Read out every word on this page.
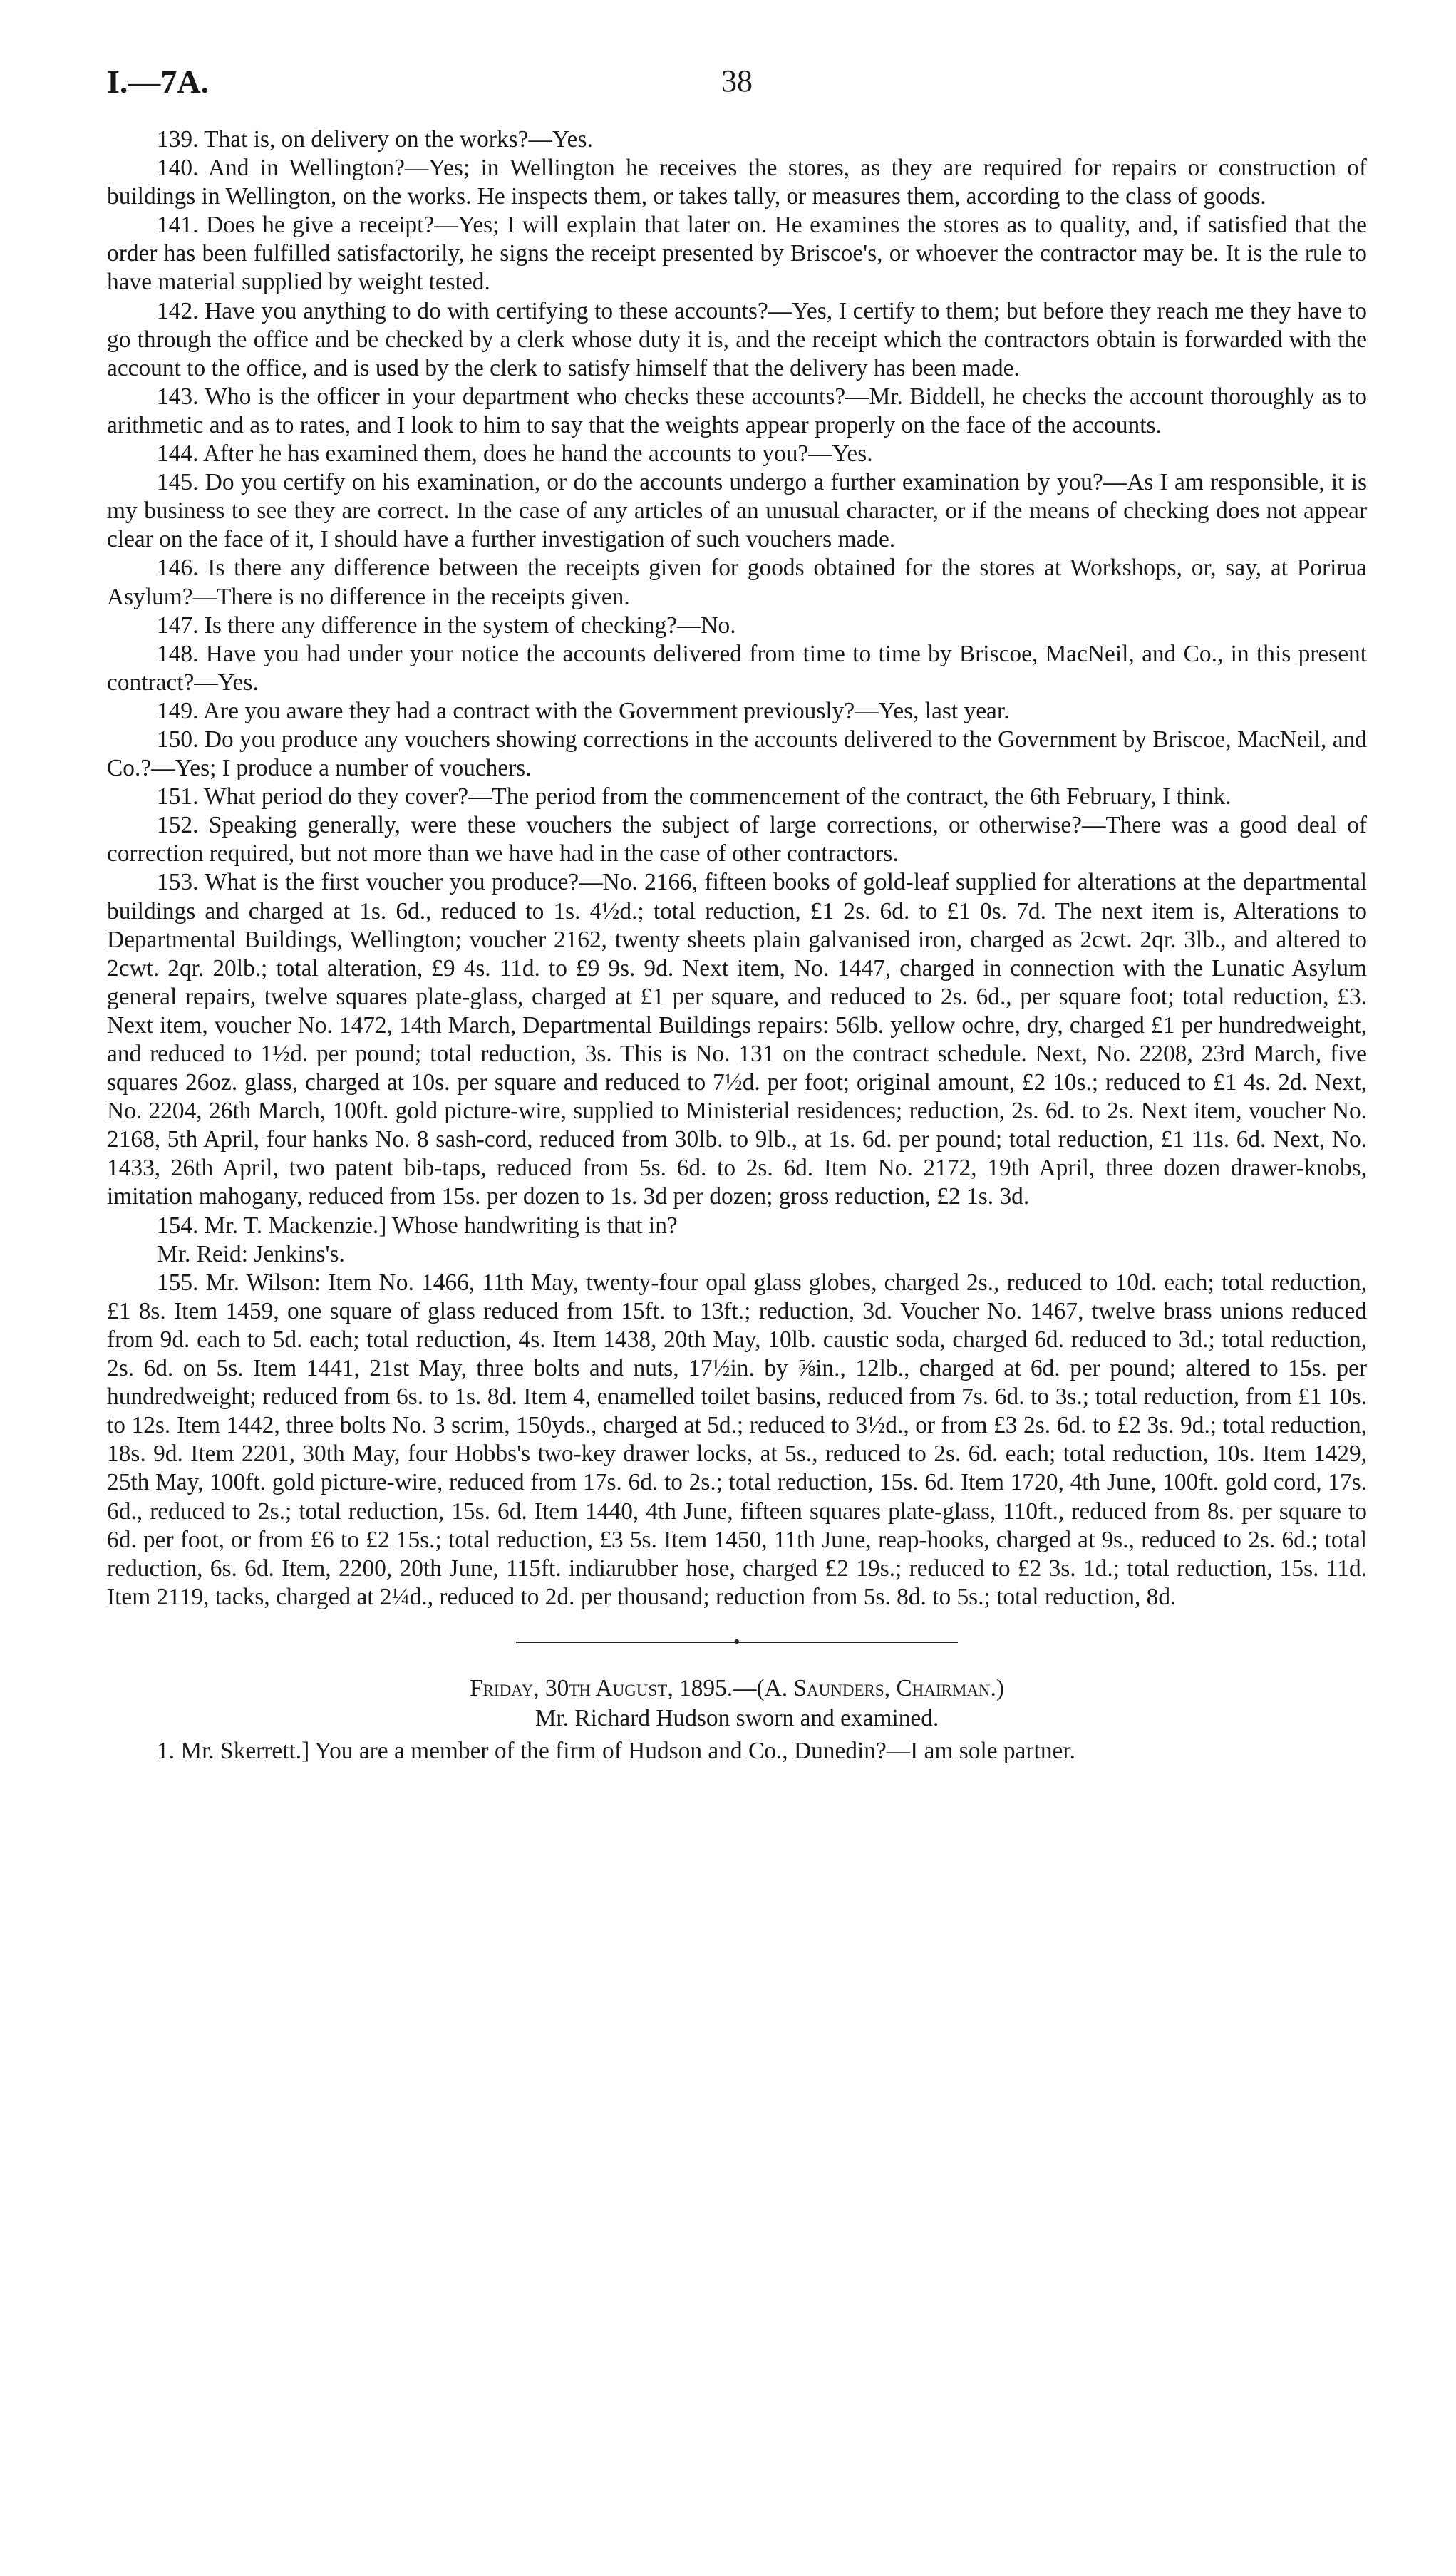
I.—7A.	38

139. That is, on delivery on the works?—Yes.

140. And in Wellington?—Yes; in Wellington he receives the stores, as they are required for repairs or construction of buildings in Wellington, on the works. He inspects them, or takes tally, or measures them, according to the class of goods.

141. Does he give a receipt?—Yes; I will explain that later on. He examines the stores as to quality, and, if satisfied that the order has been fulfilled satisfactorily, he signs the receipt presented by Briscoe's, or whoever the contractor may be. It is the rule to have material supplied by weight tested.

142. Have you anything to do with certifying to these accounts?—Yes, I certify to them; but before they reach me they have to go through the office and be checked by a clerk whose duty it is, and the receipt which the contractors obtain is forwarded with the account to the office, and is used by the clerk to satisfy himself that the delivery has been made.

143. Who is the officer in your department who checks these accounts?—Mr. Biddell, he checks the account thoroughly as to arithmetic and as to rates, and I look to him to say that the weights appear properly on the face of the accounts.

144. After he has examined them, does he hand the accounts to you?—Yes.

145. Do you certify on his examination, or do the accounts undergo a further examination by you?—As I am responsible, it is my business to see they are correct. In the case of any articles of an unusual character, or if the means of checking does not appear clear on the face of it, I should have a further investigation of such vouchers made.

146. Is there any difference between the receipts given for goods obtained for the stores at Workshops, or, say, at Porirua Asylum?—There is no difference in the receipts given.

147. Is there any difference in the system of checking?—No.

148. Have you had under your notice the accounts delivered from time to time by Briscoe, MacNeil, and Co., in this present contract?—Yes.

149. Are you aware they had a contract with the Government previously?—Yes, last year.

150. Do you produce any vouchers showing corrections in the accounts delivered to the Government by Briscoe, MacNeil, and Co.?—Yes; I produce a number of vouchers.

151. What period do they cover?—The period from the commencement of the contract, the 6th February, I think.

152. Speaking generally, were these vouchers the subject of large corrections, or otherwise?—There was a good deal of correction required, but not more than we have had in the case of other contractors.

153. What is the first voucher you produce?—No. 2166, fifteen books of gold-leaf supplied for alterations at the departmental buildings and charged at 1s. 6d., reduced to 1s. 4½d.; total reduction, £1 2s. 6d. to £1 0s. 7d. The next item is, Alterations to Departmental Buildings, Wellington; voucher 2162, twenty sheets plain galvanised iron, charged as 2cwt. 2qr. 3lb., and altered to 2cwt. 2qr. 20lb.; total alteration, £9 4s. 11d. to £9 9s. 9d. Next item, No. 1447, charged in connection with the Lunatic Asylum general repairs, twelve squares plate-glass, charged at £1 per square, and reduced to 2s. 6d., per square foot; total reduction, £3. Next item, voucher No. 1472, 14th March, Departmental Buildings repairs: 56lb. yellow ochre, dry, charged £1 per hundredweight, and reduced to 1½d. per pound; total reduction, 3s. This is No. 131 on the contract schedule. Next, No. 2208, 23rd March, five squares 26oz. glass, charged at 10s. per square and reduced to 7½d. per foot; original amount, £2 10s.; reduced to £1 4s. 2d. Next, No. 2204, 26th March, 100ft. gold picture-wire, supplied to Ministerial residences; reduction, 2s. 6d. to 2s. Next item, voucher No. 2168, 5th April, four hanks No. 8 sash-cord, reduced from 30lb. to 9lb., at 1s. 6d. per pound; total reduction, £1 11s. 6d. Next, No. 1433, 26th April, two patent bib-taps, reduced from 5s. 6d. to 2s. 6d. Item No. 2172, 19th April, three dozen drawer-knobs, imitation mahogany, reduced from 15s. per dozen to 1s. 3d per dozen; gross reduction, £2 1s. 3d.

154. Mr. T. Mackenzie.] Whose handwriting is that in?

Mr. Reid: Jenkins's.

155. Mr. Wilson: Item No. 1466, 11th May, twenty-four opal glass globes, charged 2s., reduced to 10d. each; total reduction, £1 8s. Item 1459, one square of glass reduced from 15ft. to 13ft.; reduction, 3d. Voucher No. 1467, twelve brass unions reduced from 9d. each to 5d. each; total reduction, 4s. Item 1438, 20th May, 10lb. caustic soda, charged 6d. reduced to 3d.; total reduction, 2s. 6d. on 5s. Item 1441, 21st May, three bolts and nuts, 17½in. by ⅝in., 12lb., charged at 6d. per pound; altered to 15s. per hundredweight; reduced from 6s. to 1s. 8d. Item 4, enamelled toilet basins, reduced from 7s. 6d. to 3s.; total reduction, from £1 10s. to 12s. Item 1442, three bolts No. 3 scrim, 150yds., charged at 5d.; reduced to 3½d., or from £3 2s. 6d. to £2 3s. 9d.; total reduction, 18s. 9d. Item 2201, 30th May, four Hobbs's two-key drawer locks, at 5s., reduced to 2s. 6d. each; total reduction, 10s. Item 1429, 25th May, 100ft. gold picture-wire, reduced from 17s. 6d. to 2s.; total reduction, 15s. 6d. Item 1720, 4th June, 100ft. gold cord, 17s. 6d., reduced to 2s.; total reduction, 15s. 6d. Item 1440, 4th June, fifteen squares plate-glass, 110ft., reduced from 8s. per square to 6d. per foot, or from £6 to £2 15s.; total reduction, £3 5s. Item 1450, 11th June, reap-hooks, charged at 9s., reduced to 2s. 6d.; total reduction, 6s. 6d. Item, 2200, 20th June, 115ft. indiarubber hose, charged £2 19s.; reduced to £2 3s. 1d.; total reduction, 15s. 11d. Item 2119, tacks, charged at 2¼d., reduced to 2d. per thousand; reduction from 5s. 8d. to 5s.; total reduction, 8d.

Friday, 30th August, 1895.—(A. Saunders, Chairman.)

Mr. Richard Hudson sworn and examined.

1. Mr. Skerrett.] You are a member of the firm of Hudson and Co., Dunedin?—I am sole partner.
